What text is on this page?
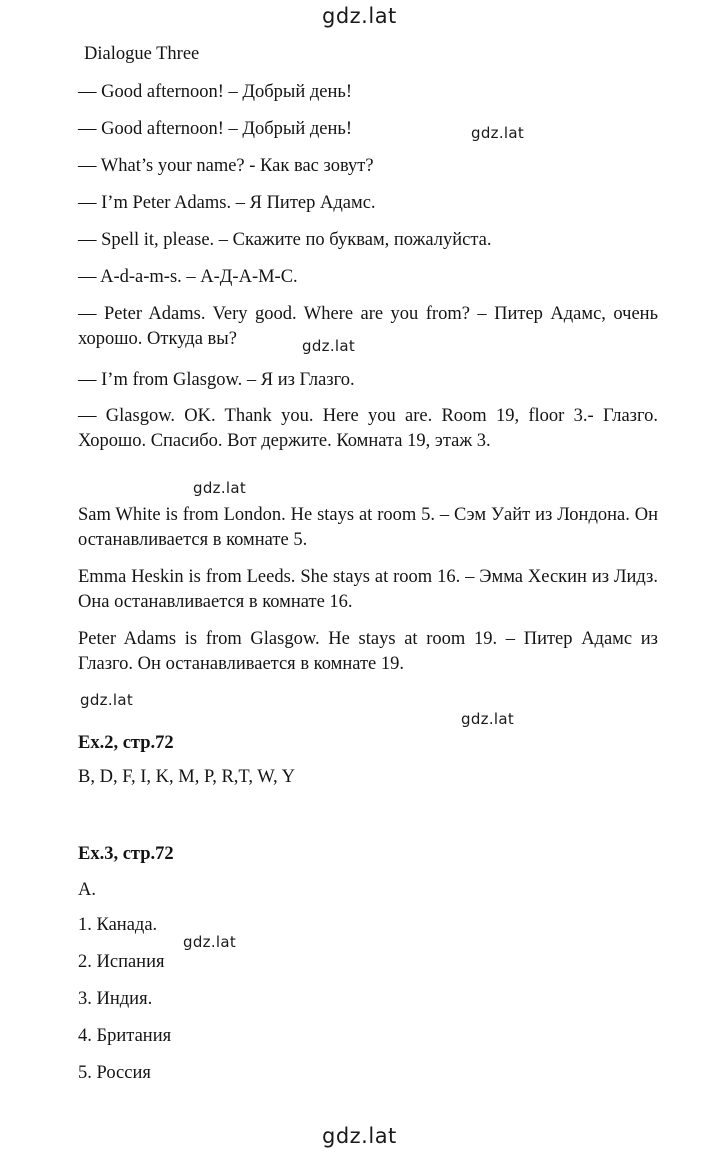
gdz.lat
gdz.lat
gdz.lat
gdz.lat
gdz.lat
gdz.lat
gdz.lat
gdz.lat
Dialogue Three
— Good afternoon! – Добрый день!
— Good afternoon! – Добрый день!
— What’s your name? - Как вас зовут?
— I’m Peter Adams. – Я Питер Адамс.
— Spell it, please. – Скажите по буквам, пожалуйста.
— A-d-a-m-s. – А-Д-А-М-С.
— Peter Adams. Very good. Where are you from? – Питер Адамс, очень хорошо. Откуда вы?
— I’m from Glasgow. – Я из Глазго.
— Glasgow. OK. Thank you. Here you are. Room 19, floor 3.- Глазго. Хорошо. Спасибо. Вот держите. Комната 19, этаж 3.
Sam White is from London. He stays at room 5. – Сэм Уайт из Лондона. Он останавливается в комнате 5.
Emma Heskin is from Leeds. She stays at room 16. – Эмма Хескин из Лидз. Она останавливается в комнате 16.
Peter Adams is from Glasgow. He stays at room 19. – Питер Адамс из Глазго. Он останавливается в комнате 19.
Ex.2, стр.72
B, D, F, I, K, M, P, R,T, W, Y
Ex.3, стр.72
A.
1. Канада.
2. Испания
3. Индия.
4. Британия
5. Россия
